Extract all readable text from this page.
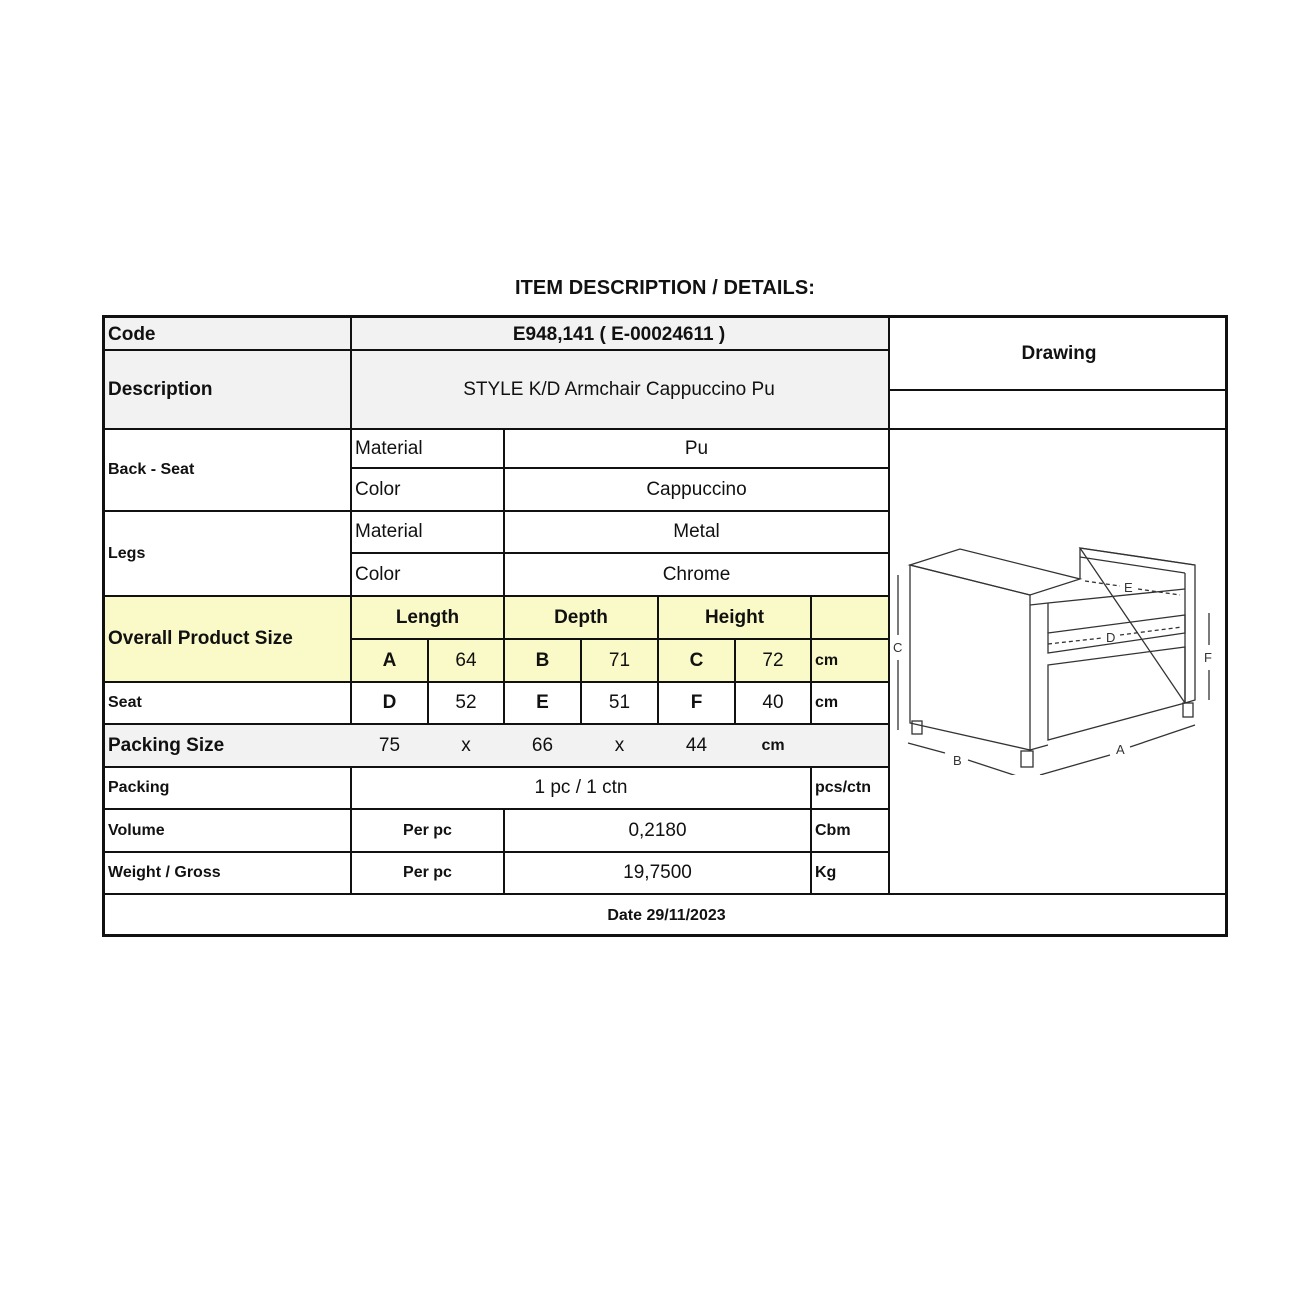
ITEM DESCRIPTION / DETAILS:
Code	E948,141 ( E-00024611 )
Description	STYLE K/D Armchair Cappuccino Pu
Drawing
Back - Seat
Material	Pu
Color	Cappuccino
Legs
Material	Metal
Color	Chrome
Overall Product Size
Length	Depth	Height
A	64	B	71	C	72	cm
Seat	D	52	E	51	F	40	cm
Packing Size	75	x	66	x	44	cm
Packing	1 pc / 1 ctn	pcs/ctn
Volume	Per pc	0,2180	Cbm
Weight / Gross	Per pc	19,7500	Kg
Date 29/11/2023
E
D
C
F
B
A
